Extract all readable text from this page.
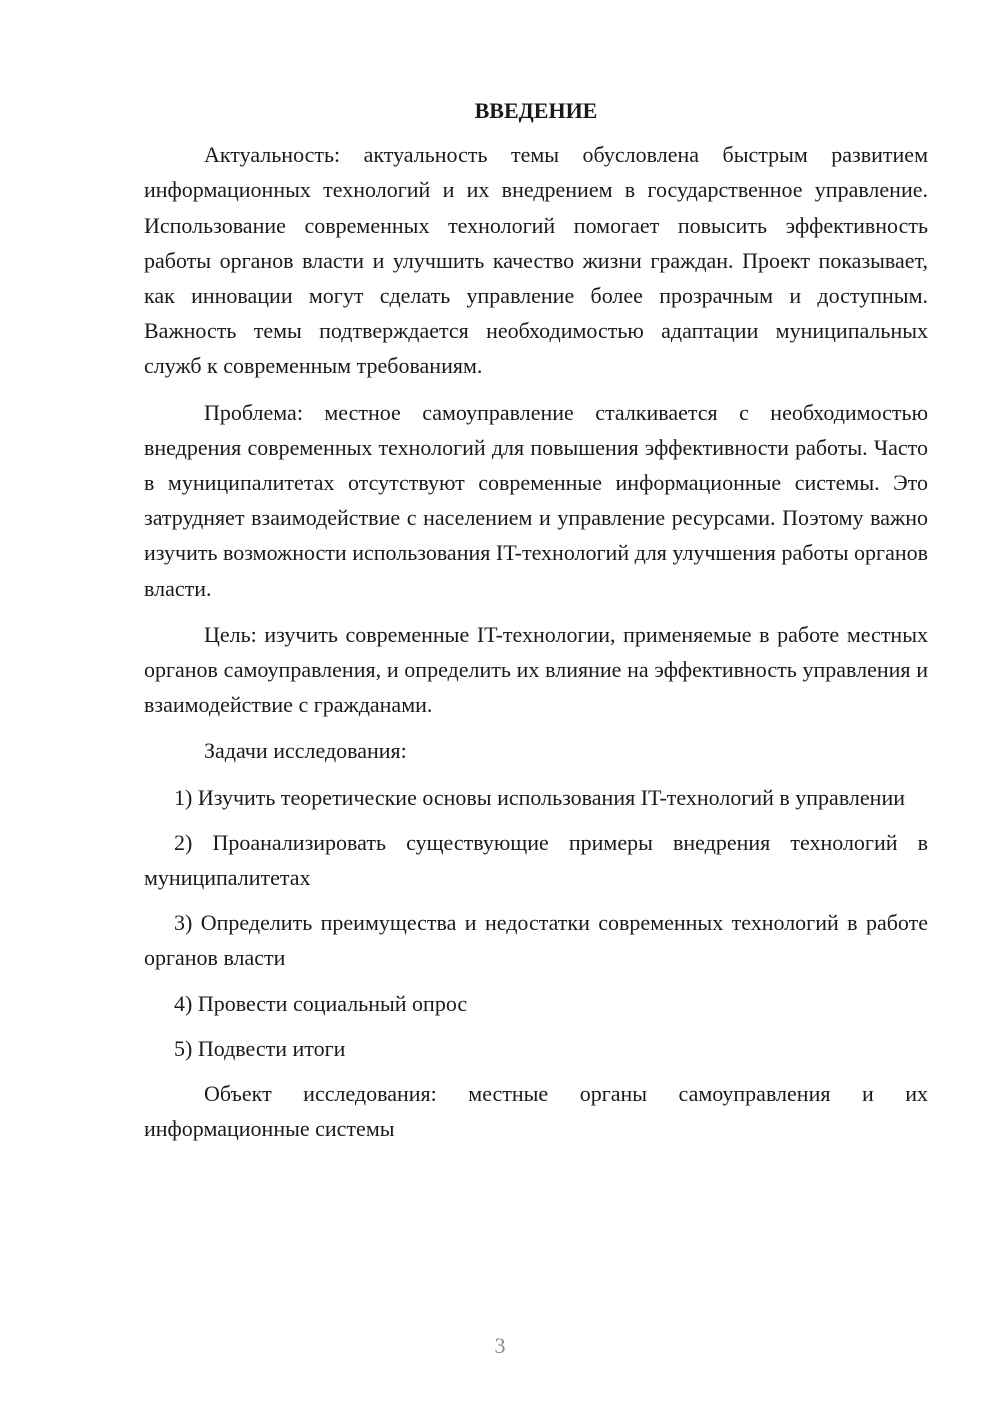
ВВЕДЕНИЕ

Актуальность: актуальность темы обусловлена быстрым развитием информационных технологий и их внедрением в государственное управление. Использование современных технологий помогает повысить эффективность работы органов власти и улучшить качество жизни граждан. Проект показывает, как инновации могут сделать управление более прозрачным и доступным. Важность темы подтверждается необходимостью адаптации муниципальных служб к современным требованиям.

Проблема: местное самоуправление сталкивается с необходимостью внедрения современных технологий для повышения эффективности работы. Часто в муниципалитетах отсутствуют современные информационные системы. Это затрудняет взаимодействие с населением и управление ресурсами. Поэтому важно изучить возможности использования IT-технологий для улучшения работы органов власти.

Цель: изучить современные IT-технологии, применяемые в работе местных органов самоуправления, и определить их влияние на эффективность управления и взаимодействие с гражданами.

Задачи исследования:

1) Изучить теоретические основы использования IT-технологий в управлении

2) Проанализировать существующие примеры внедрения технологий в муниципалитетах

3) Определить преимущества и недостатки современных технологий в работе органов власти

4) Провести социальный опрос

5) Подвести итоги

Объект исследования: местные органы самоуправления и их информационные системы

3
